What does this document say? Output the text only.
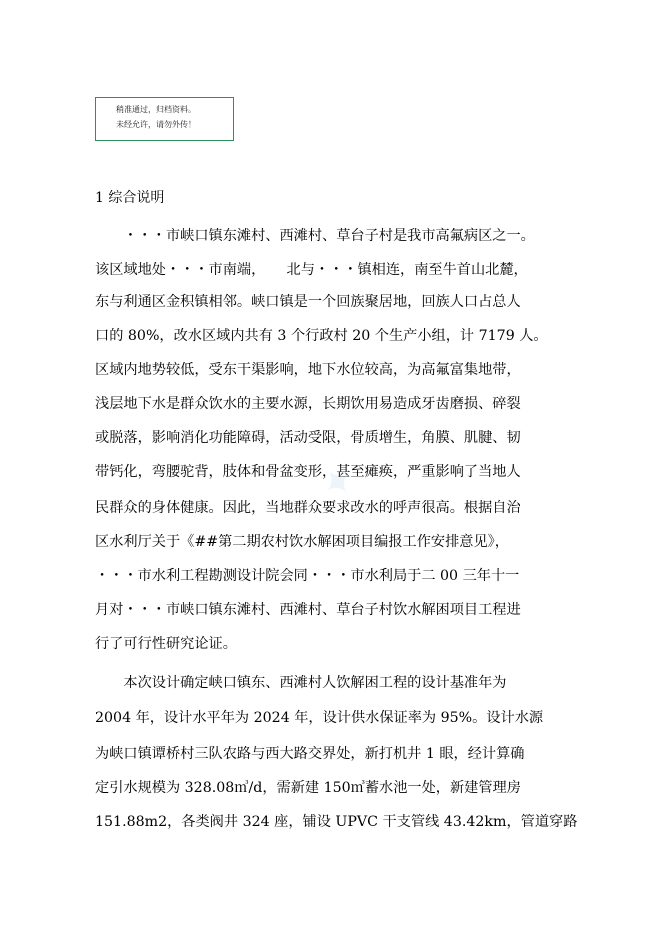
稍准通过，归档资料。
未经允许，请勿外传！
1 综合说明
✦
　　・・・市峡口镇东滩村、西滩村、草台子村是我市高氟病区之一。
该区域地处・・・市南端，　　北与・・・镇相连，南至牛首山北麓，
东与利通区金积镇相邻。峡口镇是一个回族聚居地，回族人口占总人
口的 80%，改水区域内共有 3 个行政村 20 个生产小组，计 7179 人。
区域内地势较低，受东干渠影响，地下水位较高，为高氟富集地带，
浅层地下水是群众饮水的主要水源，长期饮用易造成牙齿磨损、碎裂
或脱落，影响消化功能障碍，活动受限，骨质增生，角膜、肌腱、韧
带钙化，弯腰驼背，肢体和骨盆变形，甚至瘫痪，严重影响了当地人
民群众的身体健康。因此，当地群众要求改水的呼声很高。根据自治
区水利厅关于《##第二期农村饮水解困项目编报工作安排意见》，
・・・市水利工程勘测设计院会同・・・市水利局于二 00 三年十一
月对・・・市峡口镇东滩村、西滩村、草台子村饮水解困项目工程进
行了可行性研究论证。
　　本次设计确定峡口镇东、西滩村人饮解困工程的设计基准年为
2004 年，设计水平年为 2024 年，设计供水保证率为 95%。设计水源
为峡口镇谭桥村三队农路与西大路交界处，新打机井 1 眼，经计算确
定引水规模为 328.08㎥/d，需新建 150㎥蓄水池一处，新建管理房
151.88m2，各类阀井 324 座，铺设 UPVC 干支管线 43.42km，管道穿路
